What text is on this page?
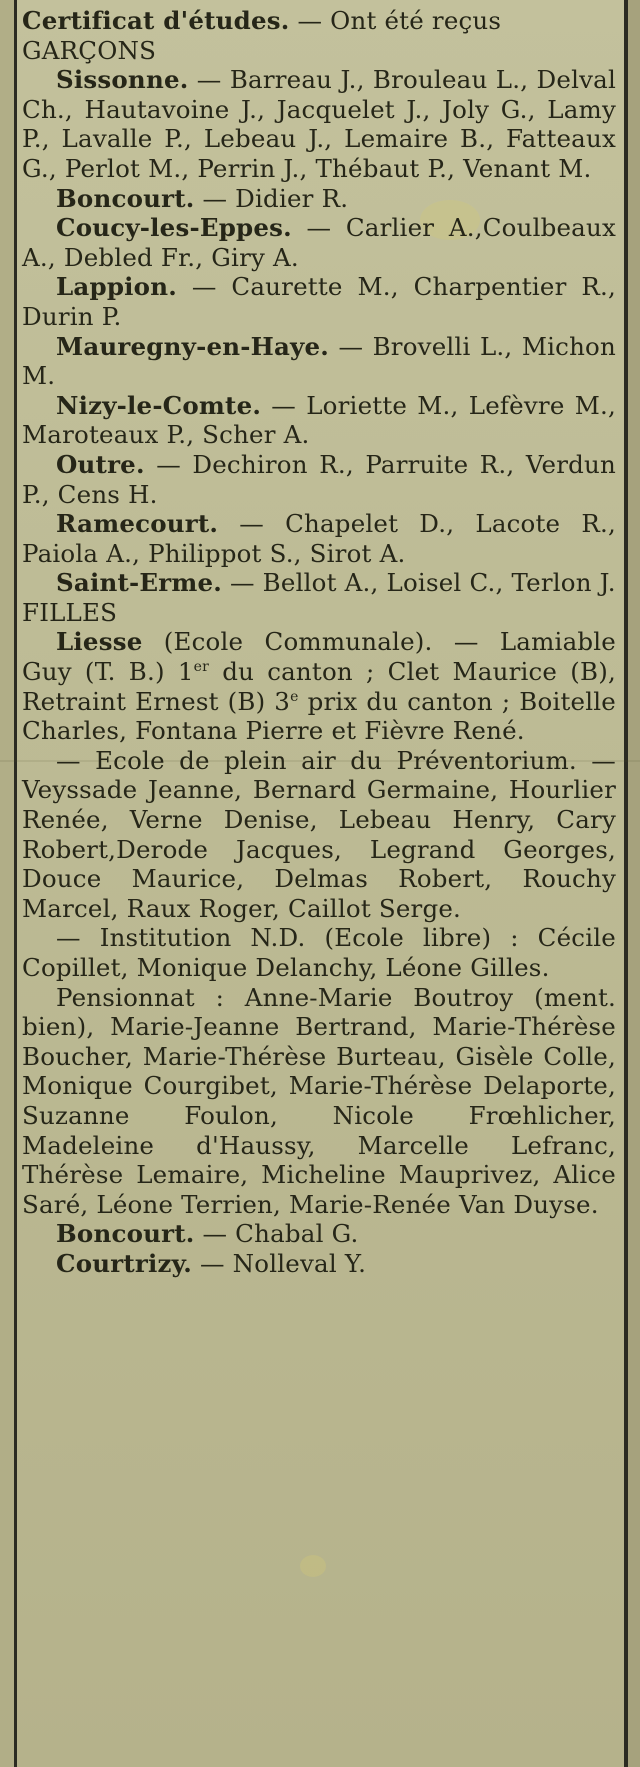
Certificat d'études. — Ont été reçus

GARÇONS

Sissonne. — Barreau J., Brouleau L., Delval Ch., Hautavoine J., Jacquelet J., Joly G., Lamy P., Lavalle P., Lebeau J., Lemaire B., Fatteaux G., Perlot M., Perrin J., Thébaut P., Venant M.

Boncourt. — Didier R.

Coucy-les-Eppes. — Carlier A.,Coulbeaux A., Debled Fr., Giry A.

Lappion. — Caurette M., Charpentier R., Durin P.

Mauregny-en-Haye. — Brovelli L., Michon M.

Nizy-le-Comte. — Loriette M., Lefèvre M., Maroteaux P., Scher A.

Outre. — Dechiron R., Parruite R., Verdun P., Cens H.

Ramecourt. — Chapelet D., Lacote R., Paiola A., Philippot S., Sirot A.

Saint-Erme. — Bellot A., Loisel C., Terlon J.

FILLES

Liesse (Ecole Communale). — Lamiable Guy (T. B.) 1er du canton ; Clet Maurice (B), Retraint Ernest (B) 3e prix du canton ; Boitelle Charles, Fontana Pierre et Fièvre René.

— Ecole de plein air du Préventorium. — Veyssade Jeanne, Bernard Germaine, Hourlier Renée, Verne Denise, Lebeau Henry, Cary Robert,Derode Jacques, Legrand Georges, Douce Maurice, Delmas Robert, Rouchy Marcel, Raux Roger, Caillot Serge.

— Institution N.D. (Ecole libre) : Cécile Copillet, Monique Delanchy, Léone Gilles.

Pensionnat : Anne-Marie Boutroy (ment. bien), Marie-Jeanne Bertrand, Marie-Thérèse Boucher, Marie-Thérèse Burteau, Gisèle Colle, Monique Courgibet, Marie-Thérèse Delaporte, Suzanne Foulon, Nicole Frœhlicher, Madeleine d'Haussy, Marcelle Lefranc, Thérèse Lemaire, Micheline Mauprivez, Alice Saré, Léone Terrien, Marie-Renée Van Duyse.

Boncourt. — Chabal G.

Courtrizy. — Nolleval Y.
